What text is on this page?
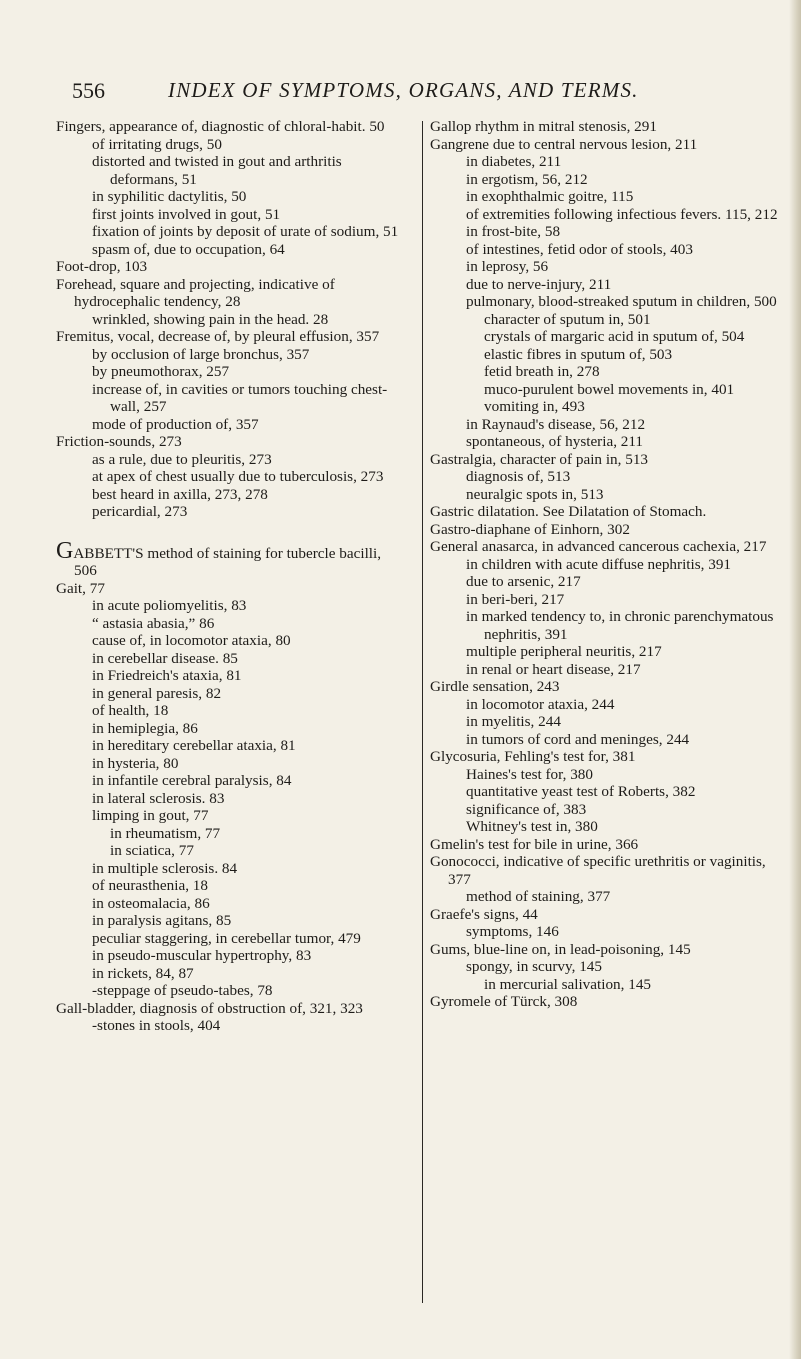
556	INDEX OF SYMPTOMS, ORGANS, AND TERMS.
Fingers, appearance of, diagnostic of chloral-habit. 50
of irritating drugs, 50
distorted and twisted in gout and arthritis deformans, 51
in syphilitic dactylitis, 50
first joints involved in gout, 51
fixation of joints by deposit of urate of sodium, 51
spasm of, due to occupation, 64
Foot-drop, 103
Forehead, square and projecting, indicative of hydrocephalic tendency, 28
wrinkled, showing pain in the head. 28
Fremitus, vocal, decrease of, by pleural effusion, 357
by occlusion of large bronchus, 357
by pneumothorax, 257
increase of, in cavities or tumors touching chest-wall, 257
mode of production of, 357
Friction-sounds, 273
as a rule, due to pleuritis, 273
at apex of chest usually due to tuberculosis, 273
best heard in axilla, 273, 278
pericardial, 273
GABBETT'S method of staining for tubercle bacilli, 506
Gait, 77
in acute poliomyelitis, 83
“ astasia abasia,” 86
cause of, in locomotor ataxia, 80
in cerebellar disease. 85
in Friedreich's ataxia, 81
in general paresis, 82
of health, 18
in hemiplegia, 86
in hereditary cerebellar ataxia, 81
in hysteria, 80
in infantile cerebral paralysis, 84
in lateral sclerosis. 83
limping in gout, 77
in rheumatism, 77
in sciatica, 77
in multiple sclerosis. 84
of neurasthenia, 18
in osteomalacia, 86
in paralysis agitans, 85
peculiar staggering, in cerebellar tumor, 479
in pseudo-muscular hypertrophy, 83
in rickets, 84, 87
-steppage of pseudo-tabes, 78
Gall-bladder, diagnosis of obstruction of, 321, 323
-stones in stools, 404
Gallop rhythm in mitral stenosis, 291
Gangrene due to central nervous lesion, 211
in diabetes, 211
in ergotism, 56, 212
in exophthalmic goitre, 115
of extremities following infectious fevers. 115, 212
in frost-bite, 58
of intestines, fetid odor of stools, 403
in leprosy, 56
due to nerve-injury, 211
pulmonary, blood-streaked sputum in children, 500
character of sputum in, 501
crystals of margaric acid in sputum of, 504
elastic fibres in sputum of, 503
fetid breath in, 278
muco-purulent bowel movements in, 401
vomiting in, 493
in Raynaud's disease, 56, 212
spontaneous, of hysteria, 211
Gastralgia, character of pain in, 513
diagnosis of, 513
neuralgic spots in, 513
Gastric dilatation. See Dilatation of Stomach.
Gastro-diaphane of Einhorn, 302
General anasarca, in advanced cancerous cachexia, 217
in children with acute diffuse nephritis, 391
due to arsenic, 217
in beri-beri, 217
in marked tendency to, in chronic parenchymatous nephritis, 391
multiple peripheral neuritis, 217
in renal or heart disease, 217
Girdle sensation, 243
in locomotor ataxia, 244
in myelitis, 244
in tumors of cord and meninges, 244
Glycosuria, Fehling's test for, 381
Haines's test for, 380
quantitative yeast test of Roberts, 382
significance of, 383
Whitney's test in, 380
Gmelin's test for bile in urine, 366
Gonococci, indicative of specific urethritis or vaginitis, 377
method of staining, 377
Graefe's signs, 44
symptoms, 146
Gums, blue-line on, in lead-poisoning, 145
spongy, in scurvy, 145
in mercurial salivation, 145
Gyromele of Türck, 308
